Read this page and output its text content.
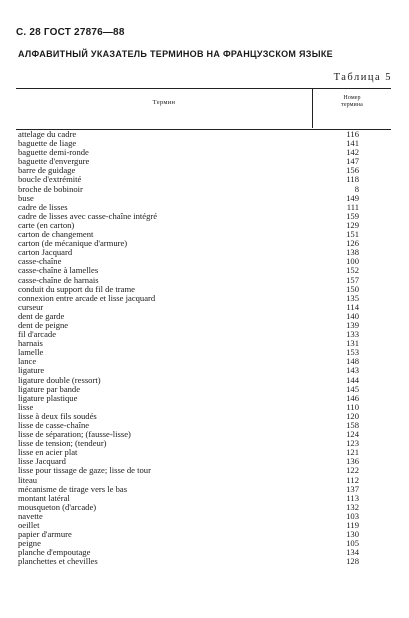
С. 28 ГОСТ 27876—88
АЛФАВИТНЫЙ УКАЗАТЕЛЬ ТЕРМИНОВ НА ФРАНЦУЗСКОМ ЯЗЫКЕ
Таблица 5
Термин
Номер
термина
attelage du cadre	116
baguette de liage	141
baguette demi-ronde	142
baguette d'envergure	147
barre de guidage	156
boucle d'extrémité	118
broche de bobinoir	8
buse	149
cadre de lisses	111
cadre de lisses avec casse-chaîne intégré	159
carte (en carton)	129
carton de changement	151
carton (de mécanique d'armure)	126
carton Jacquard	138
casse-chaîne	100
casse-chaîne à lamelles	152
casse-chaîne de harnais	157
conduit du support du fil de trame	150
connexion entre arcade et lisse jacquard	135
curseur	114
dent de garde	140
dent de peigne	139
fil d'arcade	133
harnais	131
lamelle	153
lance	148
ligature	143
ligature double (ressort)	144
ligature par bande	145
ligature plastique	146
lisse	110
lisse à deux fils soudés	120
lisse de casse-chaîne	158
lisse de séparation; (fausse-lisse)	124
lisse de tension; (tendeur)	123
lisse en acier plat	121
lisse Jacquard	136
lisse pour tissage de gaze; lisse de tour	122
liteau	112
mécanisme de tirage vers le bas	137
montant latéral	113
mousqueton (d'arcade)	132
navette	103
oeillet	119
papier d'armure	130
peigne	105
planche d'empoutage	134
planchettes et chevilles	128
